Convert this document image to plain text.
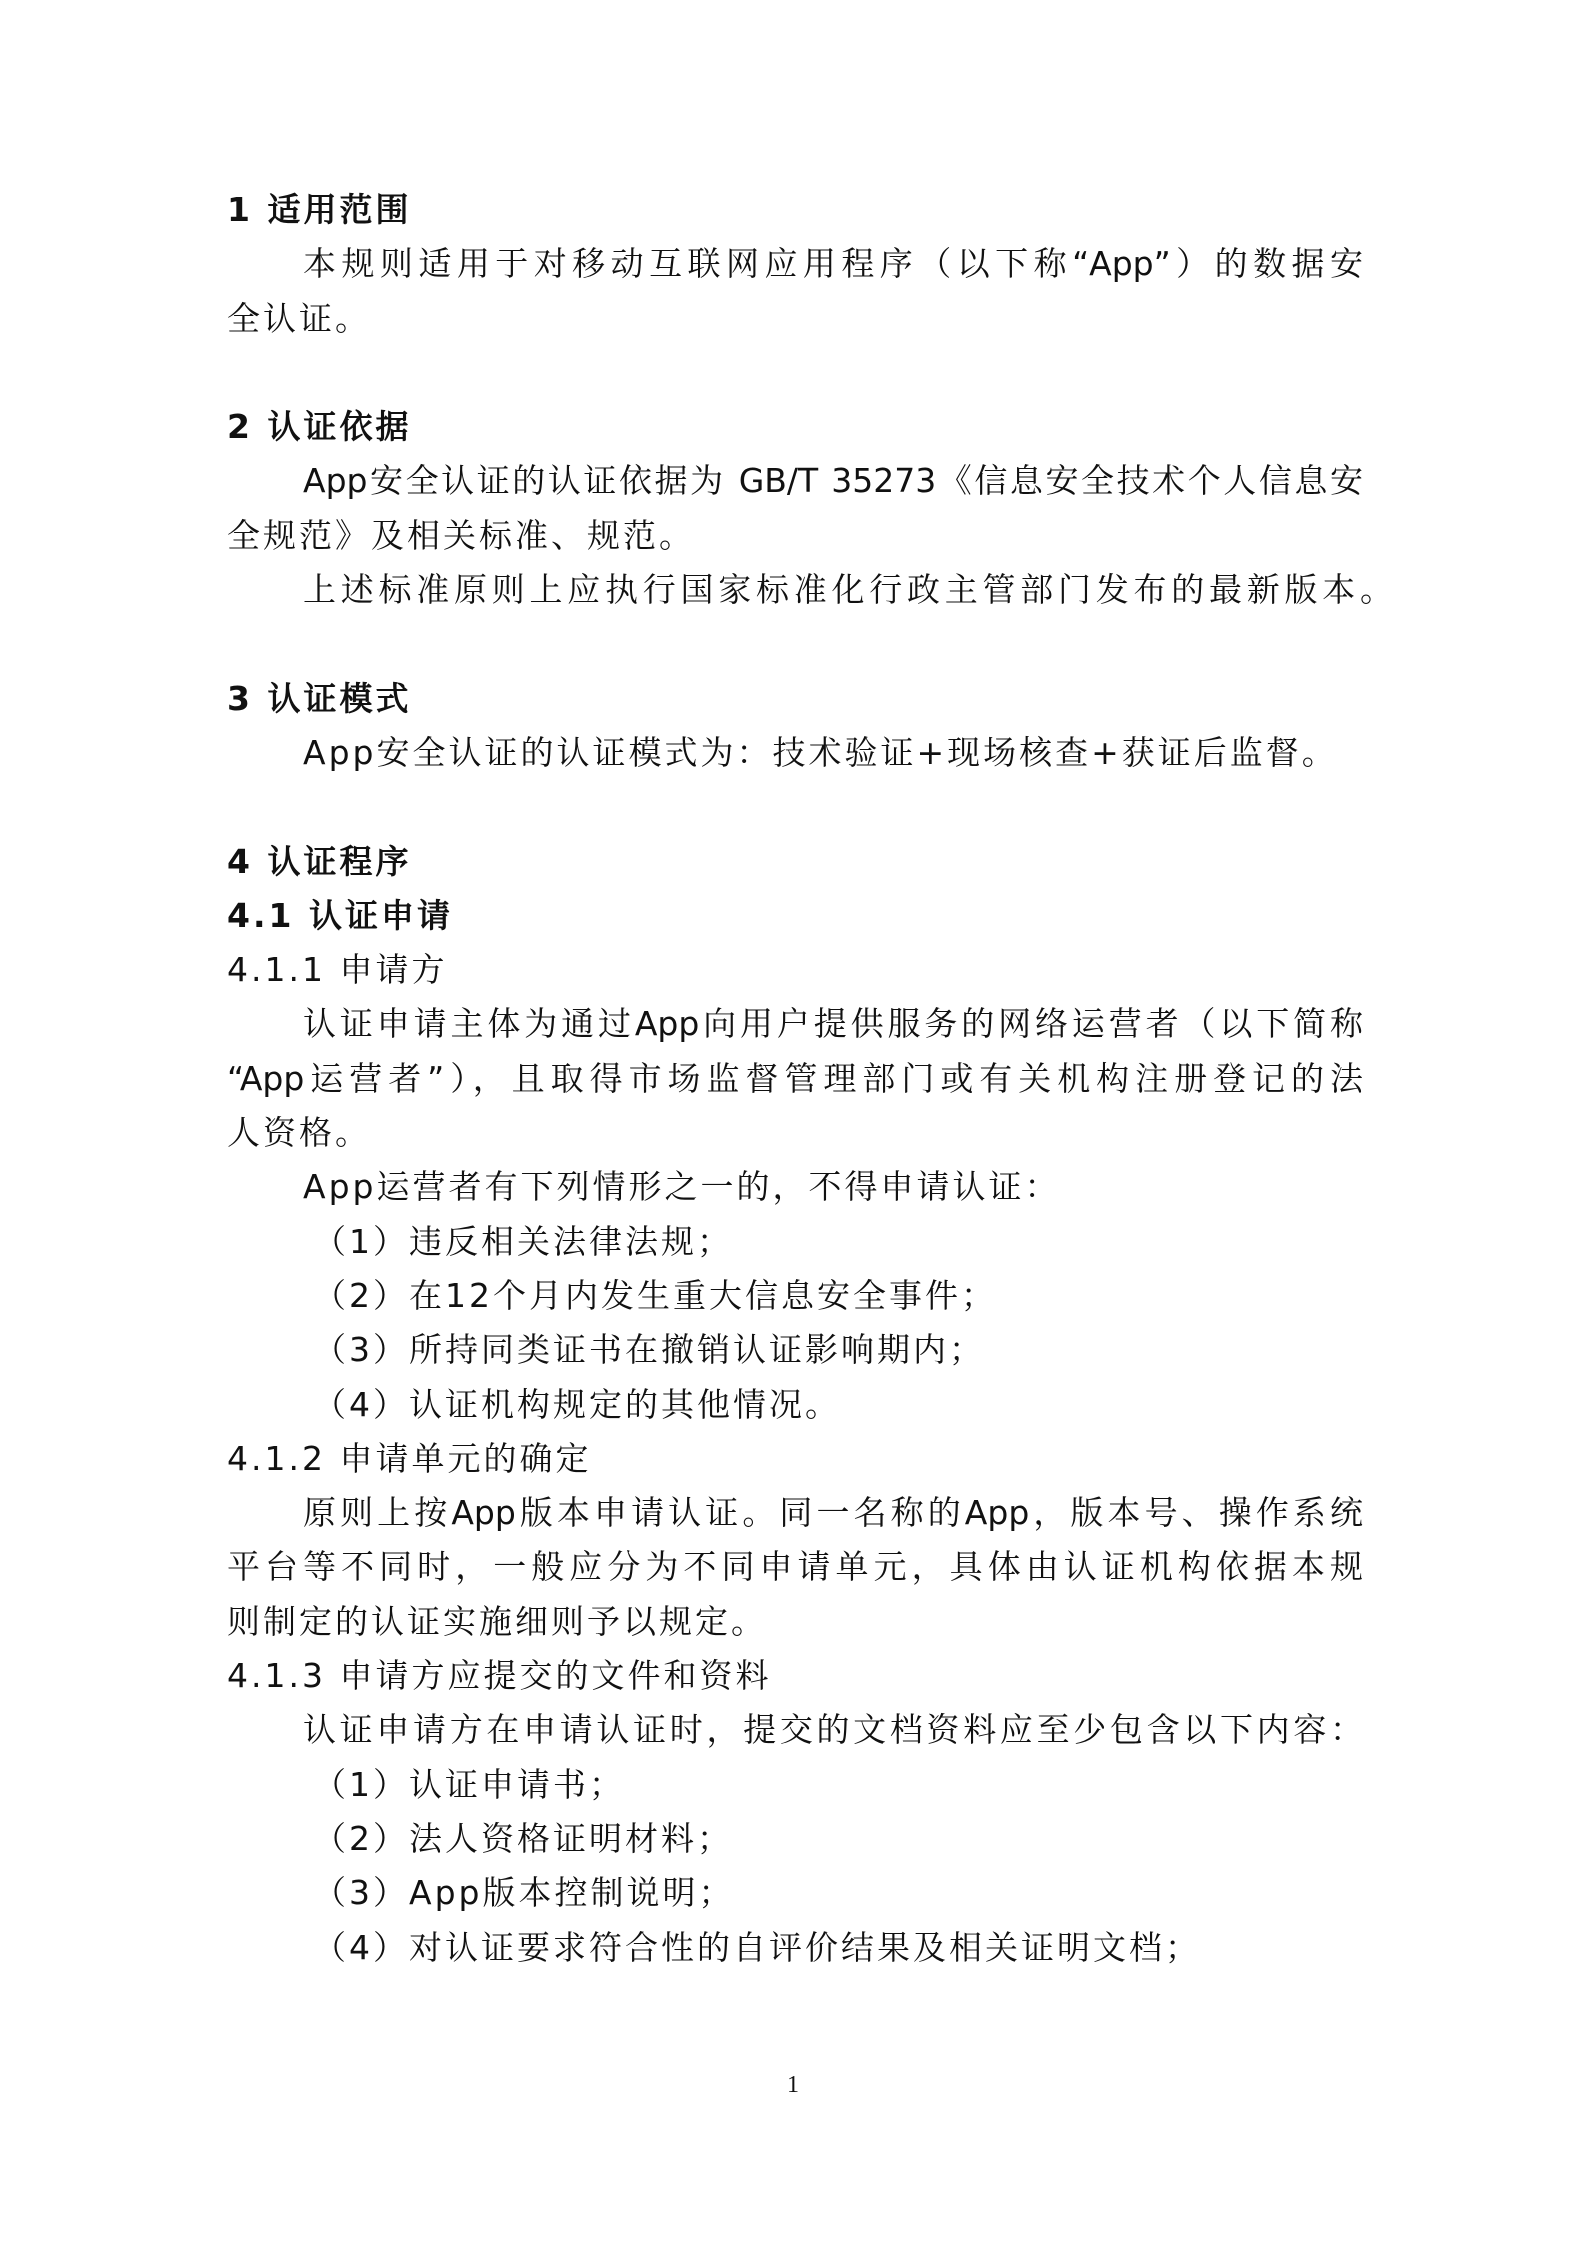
1 适用范围
本规则适用于对移动互联网应用程序（以下称“App”）的数据安
全认证。
2 认证依据
App安全认证的认证依据为 GB/T 35273《信息安全技术个人信息安
全规范》及相关标准、规范。
上述标准原则上应执行国家标准化行政主管部门发布的最新版本。
3 认证模式
App安全认证的认证模式为：技术验证+现场核查+获证后监督。
4 认证程序
4.1 认证申请
4.1.1 申请方
认证申请主体为通过App向用户提供服务的网络运营者（以下简称
“App运营者”），且取得市场监督管理部门或有关机构注册登记的法
人资格。
App运营者有下列情形之一的，不得申请认证：
（1）违反相关法律法规；
（2）在12个月内发生重大信息安全事件；
（3）所持同类证书在撤销认证影响期内；
（4）认证机构规定的其他情况。
4.1.2 申请单元的确定
原则上按App版本申请认证。同一名称的App，版本号、操作系统
平台等不同时，一般应分为不同申请单元，具体由认证机构依据本规
则制定的认证实施细则予以规定。
4.1.3 申请方应提交的文件和资料
认证申请方在申请认证时，提交的文档资料应至少包含以下内容：
（1）认证申请书；
（2）法人资格证明材料；
（3）App版本控制说明；
（4）对认证要求符合性的自评价结果及相关证明文档；
1
